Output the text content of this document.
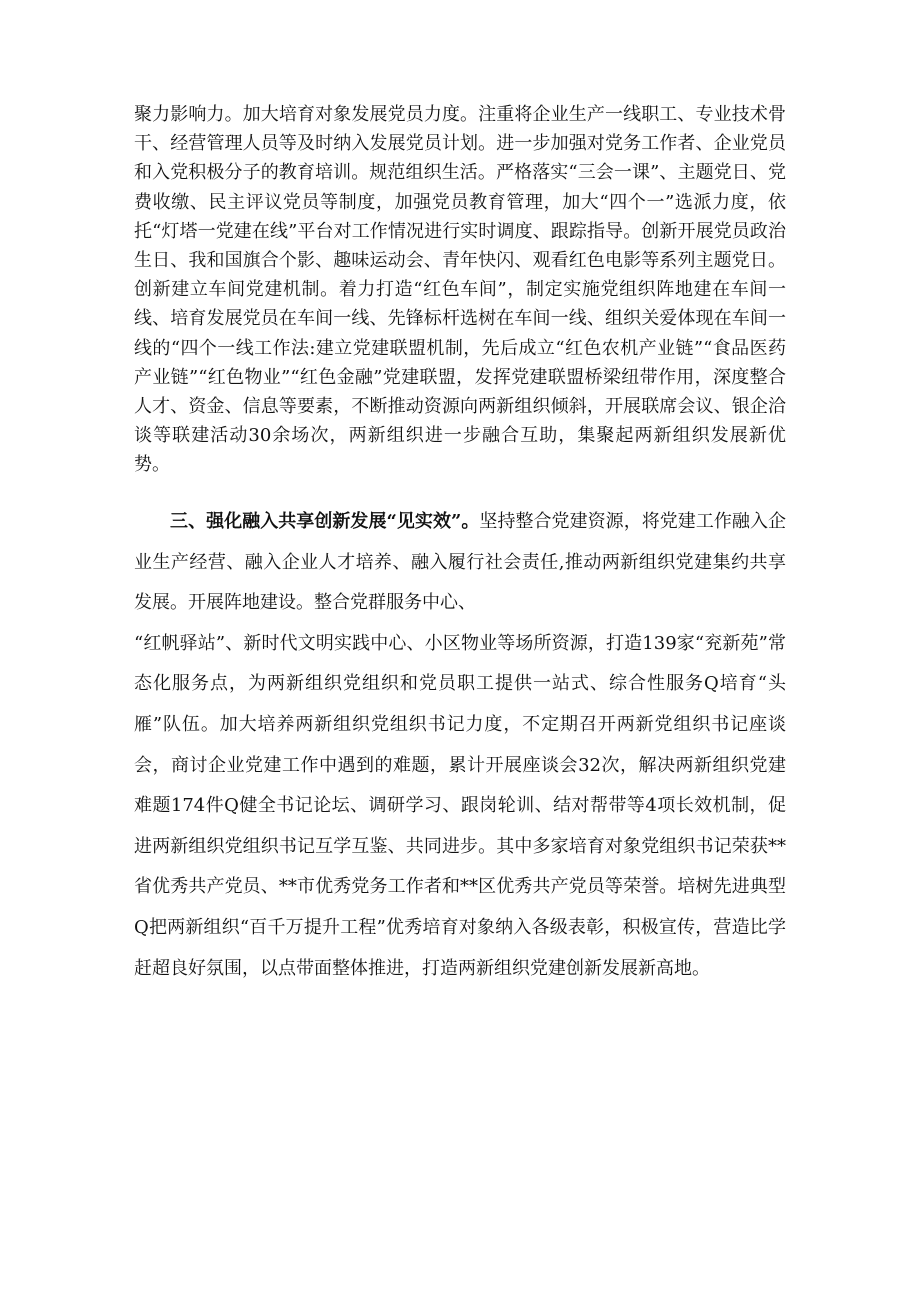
聚力影响力。加大培育对象发展党员力度。注重将企业生产一线职工、专业技术骨干、经营管理人员等及时纳入发展党员计划。进一步加强对党务工作者、企业党员和入党积极分子的教育培训。规范组织生活。严格落实“三会一课”、主题党日、党费收缴、民主评议党员等制度，加强党员教育管理，加大“四个一”选派力度，依托“灯塔一党建在线”平台对工作情况进行实时调度、跟踪指导。创新开展党员政治生日、我和国旗合个影、趣味运动会、青年快闪、观看红色电影等系列主题党日。创新建立车间党建机制。着力打造“红色车间”，制定实施党组织阵地建在车间一线、培育发展党员在车间一线、先锋标杆选树在车间一线、组织关爱体现在车间一线的“四个一线工作法:建立党建联盟机制，先后成立“红色农机产业链”“食品医药产业链”“红色物业”“红色金融”党建联盟，发挥党建联盟桥梁纽带作用，深度整合人才、资金、信息等要素，不断推动资源向两新组织倾斜，开展联席会议、银企洽谈等联建活动30余场次，两新组织进一步融合互助，集聚起两新组织发展新优势。

三、强化融入共享创新发展“见实效”。坚持整合党建资源，将党建工作融入企业生产经营、融入企业人才培养、融入履行社会责任,推动两新组织党建集约共享发展。开展阵地建设。整合党群服务中心、
“红帆驿站”、新时代文明实践中心、小区物业等场所资源，打造139家“兖新苑”常态化服务点，为两新组织党组织和党员职工提供一站式、综合性服务Q培育“头雁”队伍。加大培养两新组织党组织书记力度，不定期召开两新党组织书记座谈会，商讨企业党建工作中遇到的难题，累计开展座谈会32次，解决两新组织党建难题174件Q健全书记论坛、调研学习、跟岗轮训、结对帮带等4项长效机制，促进两新组织党组织书记互学互鉴、共同进步。其中多家培育对象党组织书记荣获**省优秀共产党员、**市优秀党务工作者和**区优秀共产党员等荣誉。培树先进典型Q把两新组织“百千万提升工程”优秀培育对象纳入各级表彰，积极宣传，营造比学赶超良好氛围，以点带面整体推进，打造两新组织党建创新发展新高地。
